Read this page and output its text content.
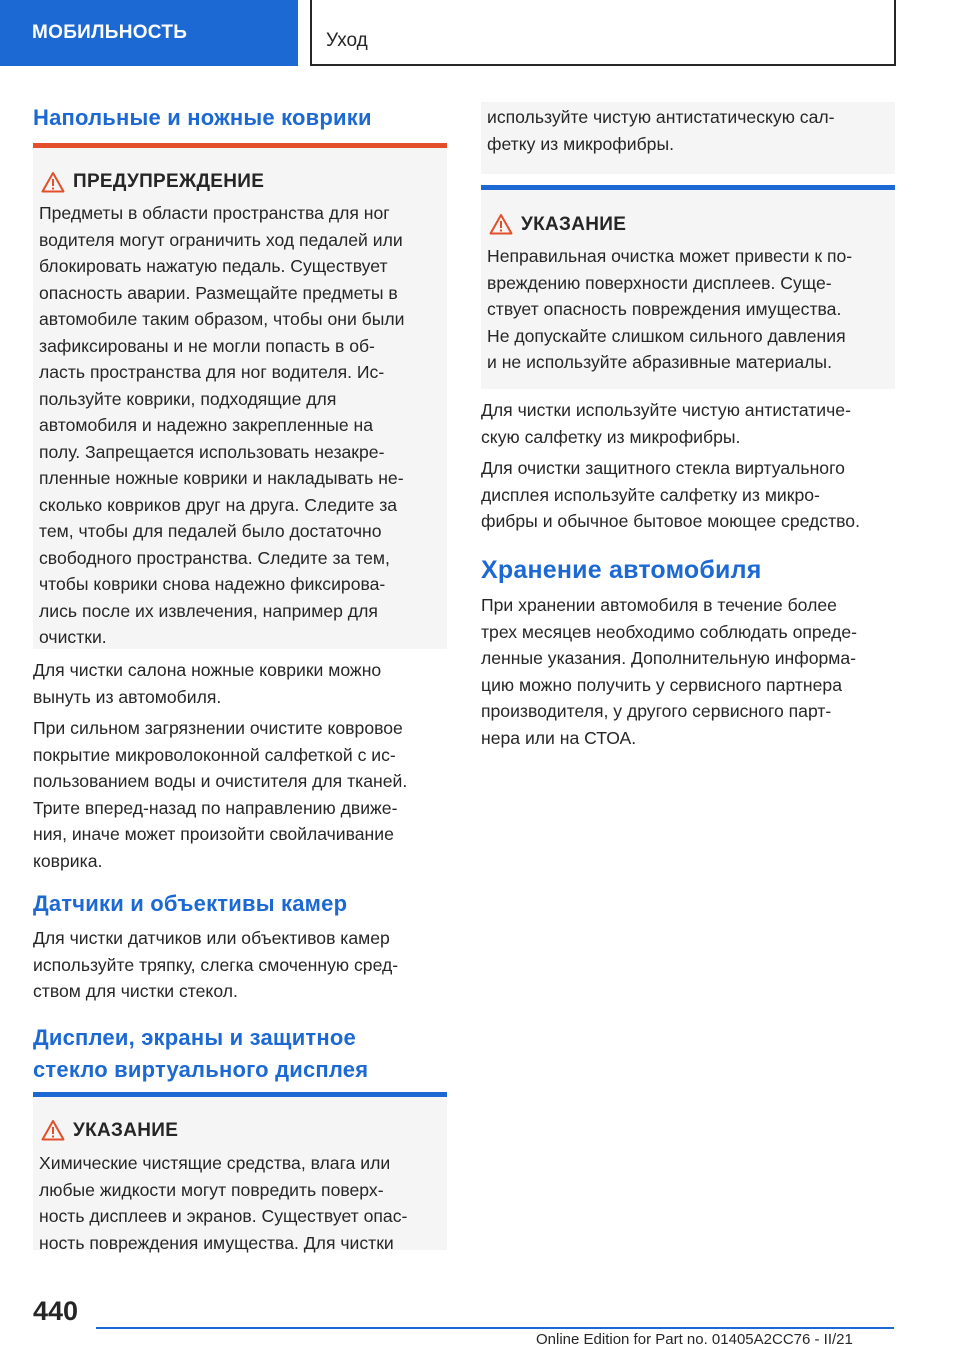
МОБИЛЬНОСТЬ	Уход
Напольные и ножные коврики
ПРЕДУПРЕЖДЕНИЕ
Предметы в области пространства для ног
водителя могут ограничить ход педалей или
блокировать нажатую педаль. Существует
опасность аварии. Размещайте предметы в
автомобиле таким образом, чтобы они были
зафиксированы и не могли попасть в об-
ласть пространства для ног водителя. Ис-
пользуйте коврики, подходящие для
автомобиля и надежно закрепленные на
полу. Запрещается использовать незакре-
пленные ножные коврики и накладывать не-
сколько ковриков друг на друга. Следите за
тем, чтобы для педалей было достаточно
свободного пространства. Следите за тем,
чтобы коврики снова надежно фиксирова-
лись после их извлечения, например для
очистки.

Для чистки салона ножные коврики можно
вынуть из автомобиля.

При сильном загрязнении очистите ковровое
покрытие микроволоконной салфеткой с ис-
пользованием воды и очистителя для тканей.
Трите вперед-назад по направлению движе-
ния, иначе может произойти свойлачивание
коврика.

Датчики и объективы камер

Для чистки датчиков или объективов камер
используйте тряпку, слегка смоченную сред-
ством для чистки стекол.

Дисплеи, экраны и защитное
стекло виртуального дисплея
УКАЗАНИЕ
Химические чистящие средства, влага или
любые жидкости могут повредить поверх-
ность дисплеев и экранов. Существует опас-
ность повреждения имущества. Для чистки
используйте чистую антистатическую сал-
фетку из микрофибры.
УКАЗАНИЕ
Неправильная очистка может привести к по-
вреждению поверхности дисплеев. Суще-
ствует опасность повреждения имущества.
Не допускайте слишком сильного давления
и не используйте абразивные материалы.

Для чистки используйте чистую антистатиче-
скую салфетку из микрофибры.

Для очистки защитного стекла виртуального
дисплея используйте салфетку из микро-
фибры и обычное бытовое моющее средство.

Хранение автомобиля

При хранении автомобиля в течение более
трех месяцев необходимо соблюдать опреде-
ленные указания. Дополнительную информа-
цию можно получить у сервисного партнера
производителя, у другого сервисного парт-
нера или на СТОА.

440
Online Edition for Part no. 01405A2CC76 - II/21
